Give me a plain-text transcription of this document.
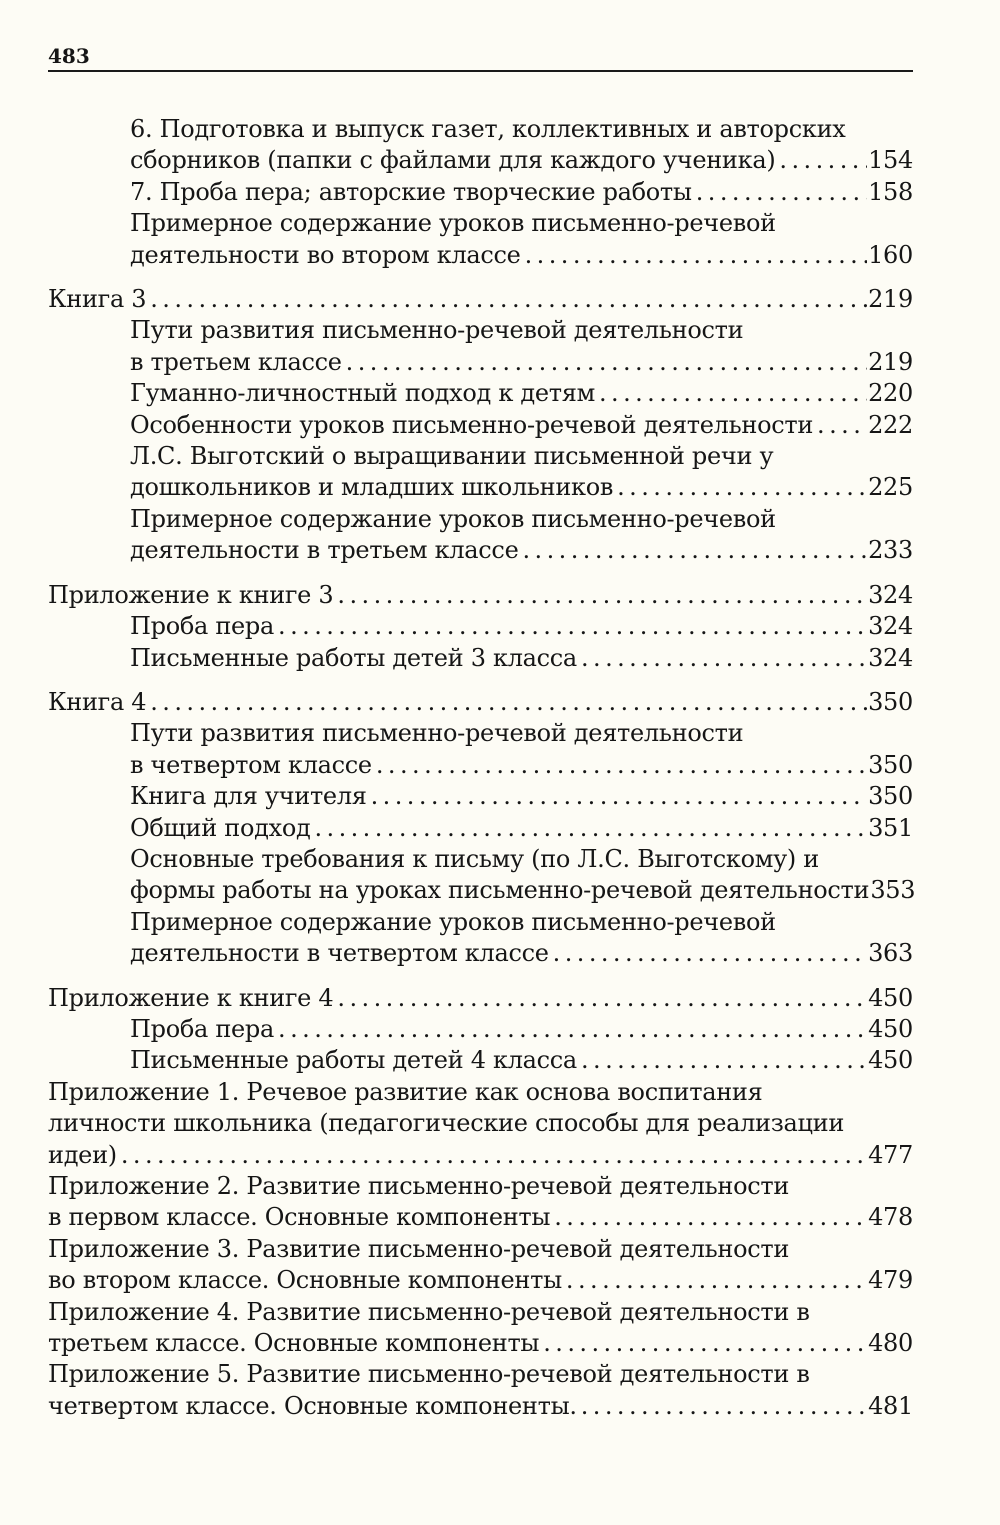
483
6. Подготовка и выпуск газет, коллективных и авторских
сборников (папки с файлами для каждого ученика) . . .	154
7. Проба пера; авторские творческие работы . . .	158
Примерное содержание уроков письменно-речевой
деятельности во втором классе . . .	160
Книга 3 . . .	219
Пути развития письменно-речевой деятельности
в третьем классе . . .	219
Гуманно-личностный подход к детям . . .	220
Особенности уроков письменно-речевой деятельности . . . 222
Л.С. Выготский о выращивании письменной речи у
дошкольников и младших школьников . . .	225
Примерное содержание уроков письменно-речевой
деятельности в третьем классе . . .	233
Приложение к книге 3 . . .	324
Проба пера . . .	324
Письменные работы детей 3 класса . . .	324
Книга 4 . . .	350
Пути развития письменно-речевой деятельности
в четвертом классе . . .	350
Книга для учителя . . .	350
Общий подход . . .	351
Основные требования к письму (по Л.С. Выготскому) и
формы работы на уроках письменно-речевой деятельности 353
Примерное содержание уроков письменно-речевой
деятельности в четвертом классе . . .	363
Приложение к книге 4 . . .	450
Проба пера . . .	450
Письменные работы детей 4 класса . . .	450
Приложение 1. Речевое развитие как основа воспитания
личности школьника (педагогические способы для реализации
идеи) . . .	477
Приложение 2. Развитие письменно-речевой деятельности
в первом классе. Основные компоненты . . .	478
Приложение 3. Развитие письменно-речевой деятельности
во втором классе. Основные компоненты . . .	479
Приложение 4. Развитие письменно-речевой деятельности в
третьем классе. Основные компоненты . . .	480
Приложение 5. Развитие письменно-речевой деятельности в
четвертом классе. Основные компоненты. . . .	481
